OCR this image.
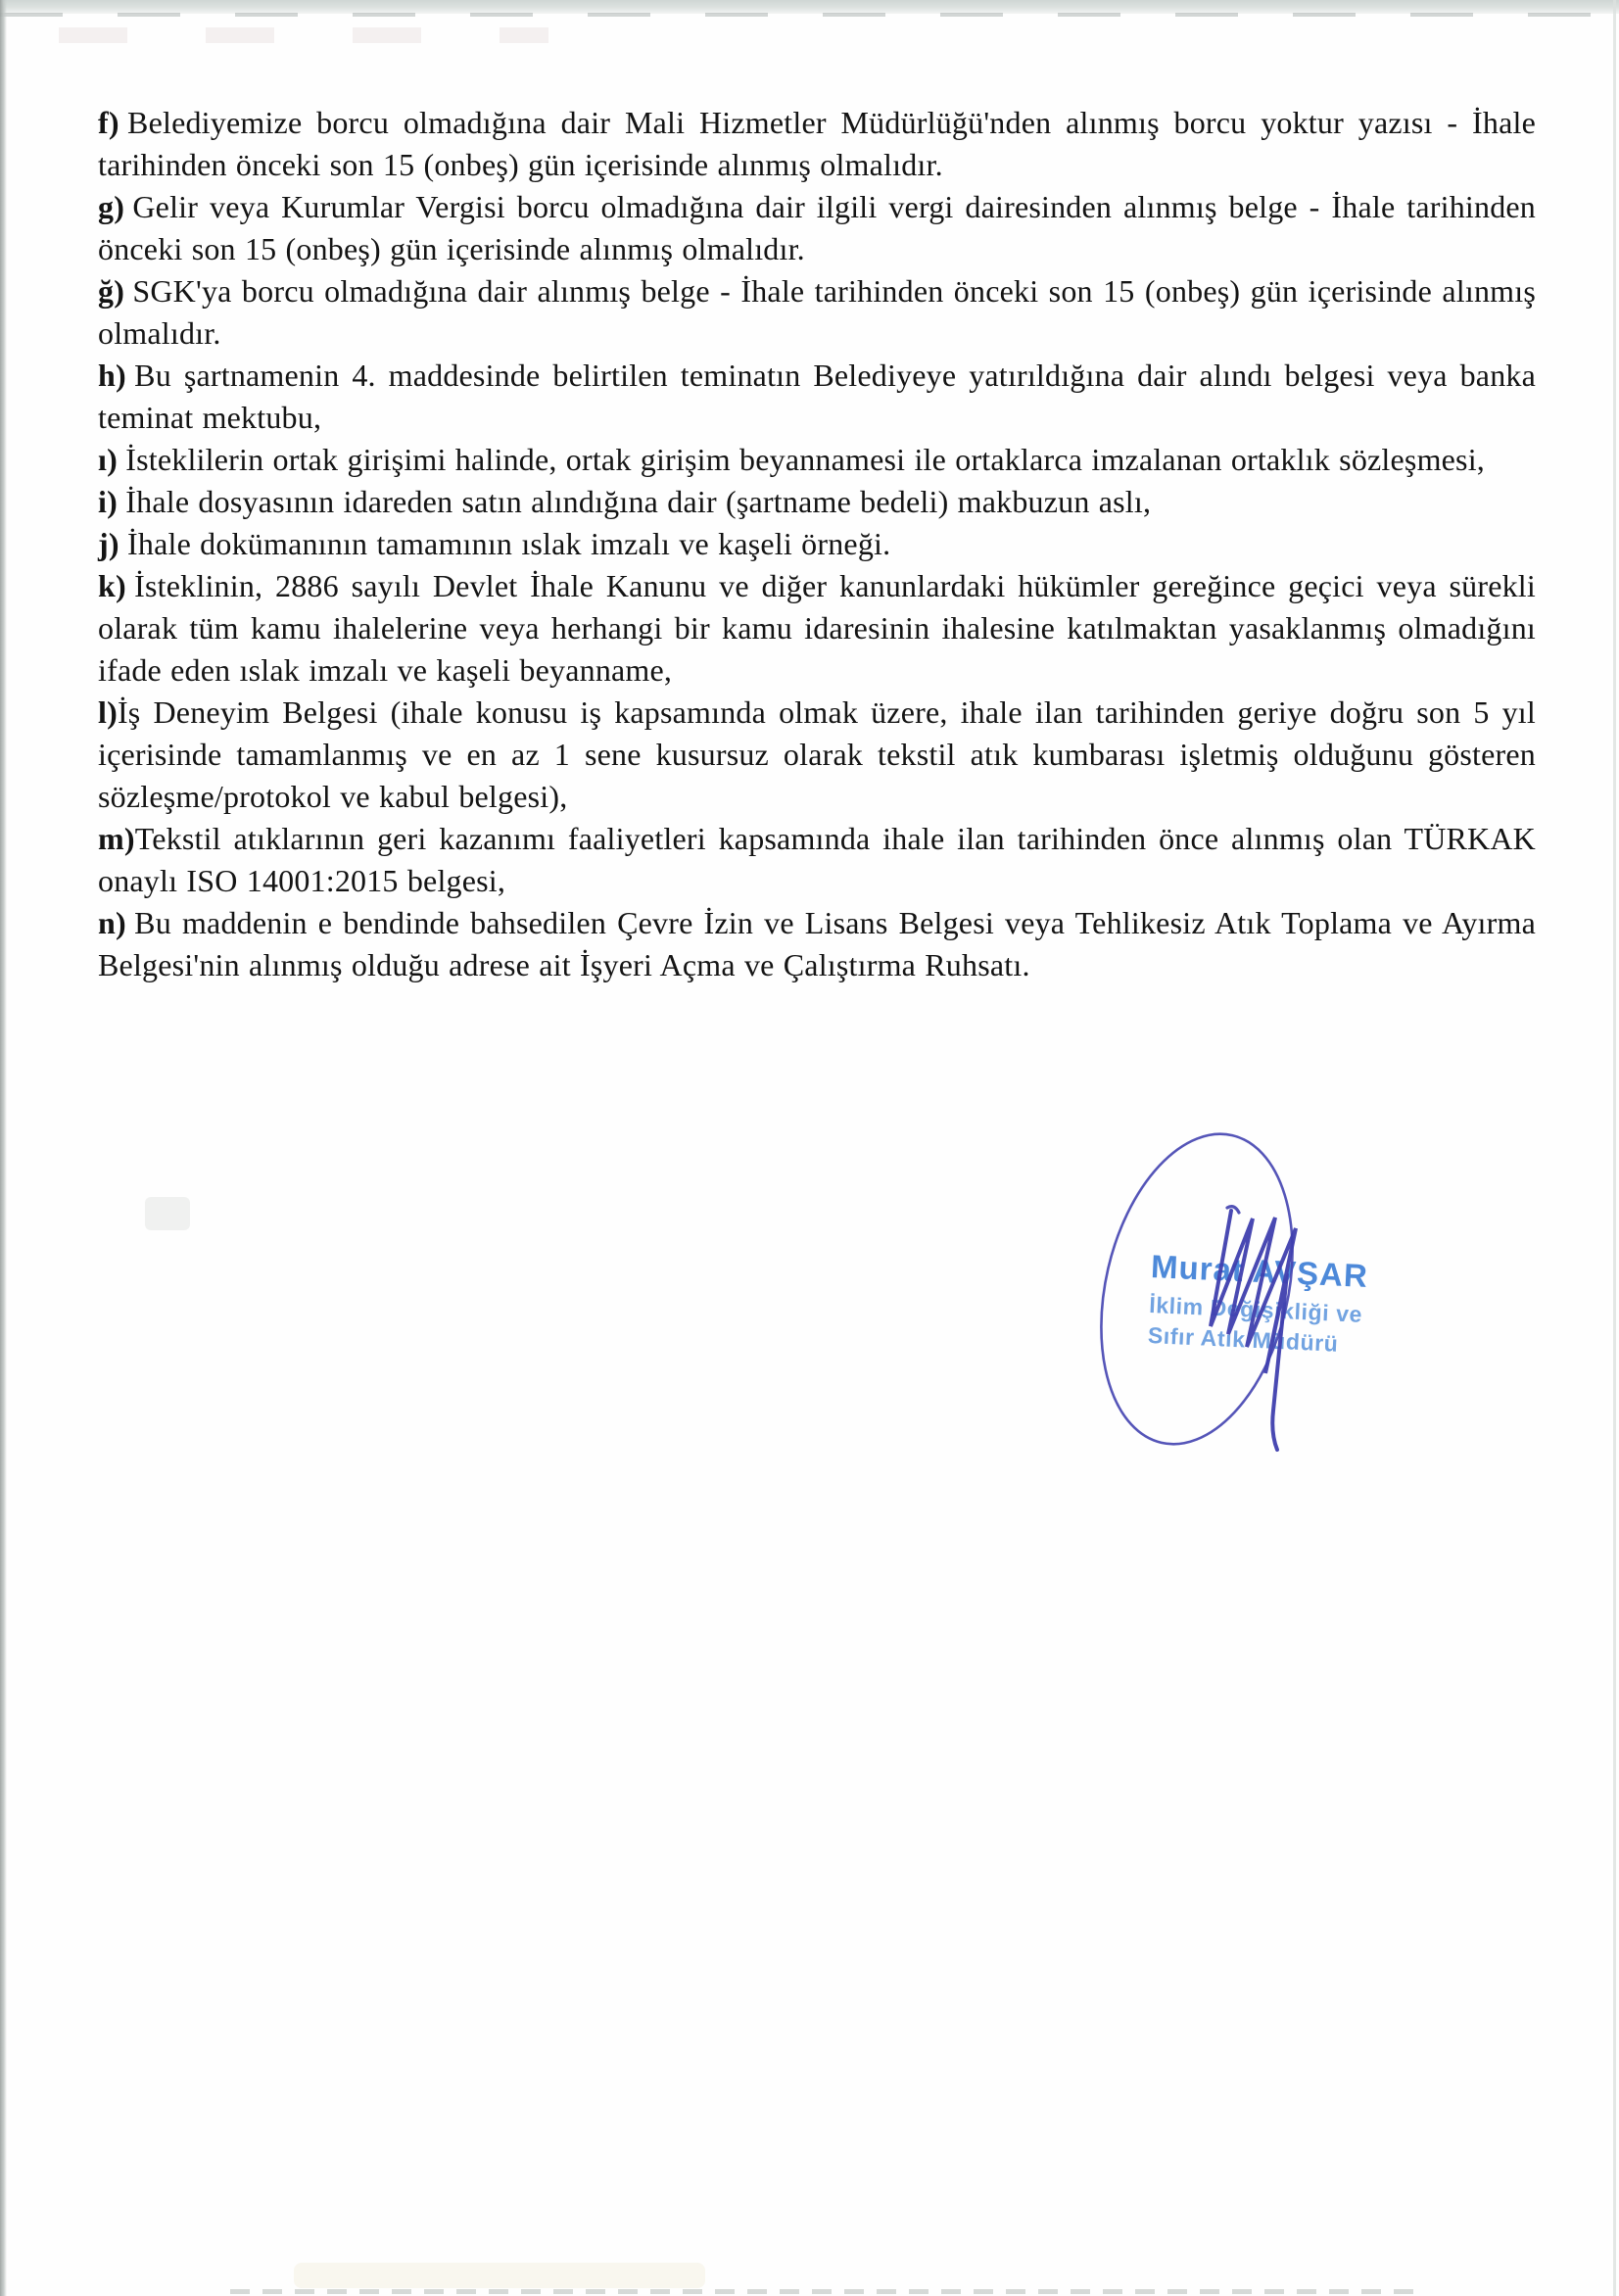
f) Belediyemize borcu olmadığına dair Mali Hizmetler Müdürlüğü'nden alınmış borcu yoktur yazısı - İhale tarihinden önceki son 15 (onbeş) gün içerisinde alınmış olmalıdır.

g) Gelir veya Kurumlar Vergisi borcu olmadığına dair ilgili vergi dairesinden alınmış belge - İhale tarihinden önceki son 15 (onbeş) gün içerisinde alınmış olmalıdır.

ğ) SGK'ya borcu olmadığına dair alınmış belge - İhale tarihinden önceki son 15 (onbeş) gün içerisinde alınmış olmalıdır.

h) Bu şartnamenin 4. maddesinde belirtilen teminatın Belediyeye yatırıldığına dair alındı belgesi veya banka teminat mektubu,

ı) İsteklilerin ortak girişimi halinde, ortak girişim beyannamesi ile ortaklarca imzalanan ortaklık sözleşmesi,

i) İhale dosyasının idareden satın alındığına dair (şartname bedeli) makbuzun aslı,

j) İhale dokümanının tamamının ıslak imzalı ve kaşeli örneği.

k) İsteklinin, 2886 sayılı Devlet İhale Kanunu ve diğer kanunlardaki hükümler gereğince geçici veya sürekli olarak tüm kamu ihalelerine veya herhangi bir kamu idaresinin ihalesine katılmaktan yasaklanmış olmadığını ifade eden ıslak imzalı ve kaşeli beyanname,

l)İş Deneyim Belgesi (ihale konusu iş kapsamında olmak üzere, ihale ilan tarihinden geriye doğru son 5 yıl içerisinde tamamlanmış ve en az 1 sene kusursuz olarak tekstil atık kumbarası işletmiş olduğunu gösteren sözleşme/protokol ve kabul belgesi),

m)Tekstil atıklarının geri kazanımı faaliyetleri kapsamında ihale ilan tarihinden önce alınmış olan TÜRKAK onaylı ISO 14001:2015 belgesi,

n) Bu maddenin e bendinde bahsedilen Çevre İzin ve Lisans Belgesi veya Tehlikesiz Atık Toplama ve Ayırma Belgesi'nin alınmış olduğu adrese ait İşyeri Açma ve Çalıştırma Ruhsatı.

Murat AVŞAR
İklim Değişikliği ve
Sıfır Atık Müdürü
